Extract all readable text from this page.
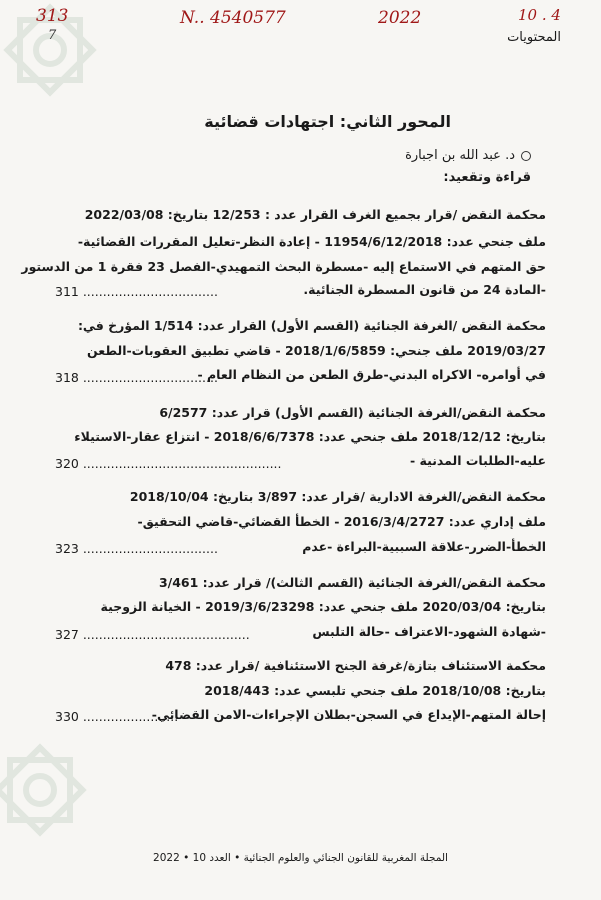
313	N.. 4540577	2022	10 . 4
7	المحتويات
المحور الثاني: اجتهادات قضائية
د. عبد الله بن اجبارة
قراءة وتقعيد:
محكمة النقض /قرار بجميع الغرف القرار عدد : 12/253 بتاريخ: 2022/03/08
ملف جنحي عدد: 11954/6/12/2018 - إعادة النظر-تعليل المقررات القضائية-
حق المتهم في الاستماع إليه -مسطرة البحث التمهيدي-الفصل 23 فقرة 1 من الدستور
-المادة 24 من قانون المسطرة الجنائية.
311 ..................................
محكمة النقض /الغرفة الجنائية (القسم الأول) القرار عدد: 1/514 المؤرخ في:
2019/03/27 ملف جنحي: 2018/1/6/5859 - قاضي تطبيق العقوبات-الطعن
في أوامره- الاكراه البدني-طرق الطعن من النظام العام -
318 ..................................
محكمة النقض/الغرفة الجنائية (القسم الأول) قرار عدد: 6/2577
بتاريخ: 2018/12/12 ملف جنحي عدد: 2018/6/6/7378 - انتزاع عقار-الاستيلاء
عليه-الطلبات المدنية -
320 ..................................................
محكمة النقض/الغرفة الادارية /قرار عدد: 3/897 بتاريخ: 2018/10/04
ملف إداري عدد: 2016/3/4/2727 - الخطأ القضائي-قاضي التحقيق-
الخطأ-الضرر-علاقة السببية-البراءة -عدم
323 ..................................
محكمة النقض/الغرفة الجنائية (القسم الثالث)/ قرار عدد: 3/461
بتاريخ: 2020/03/04 ملف جنحي عدد: 2019/3/6/23298 - الخيانة الزوجية
-شهادة الشهود-الاعتراف -حالة التلبس
327 ..........................................
محكمة الاستئناف بتازة/غرفة الجنح الاستئنافية /قرار عدد: 478
بتاريخ: 2018/10/08 ملف جنحي تلبسي عدد: 2018/443
إحالة المتهم-الإيداع في السجن-بطلان الإجراءات-الامن القضائي-
330 ........................
المجلة المغربية للقانون الجنائي والعلوم الجنائية • العدد 10 • 2022
